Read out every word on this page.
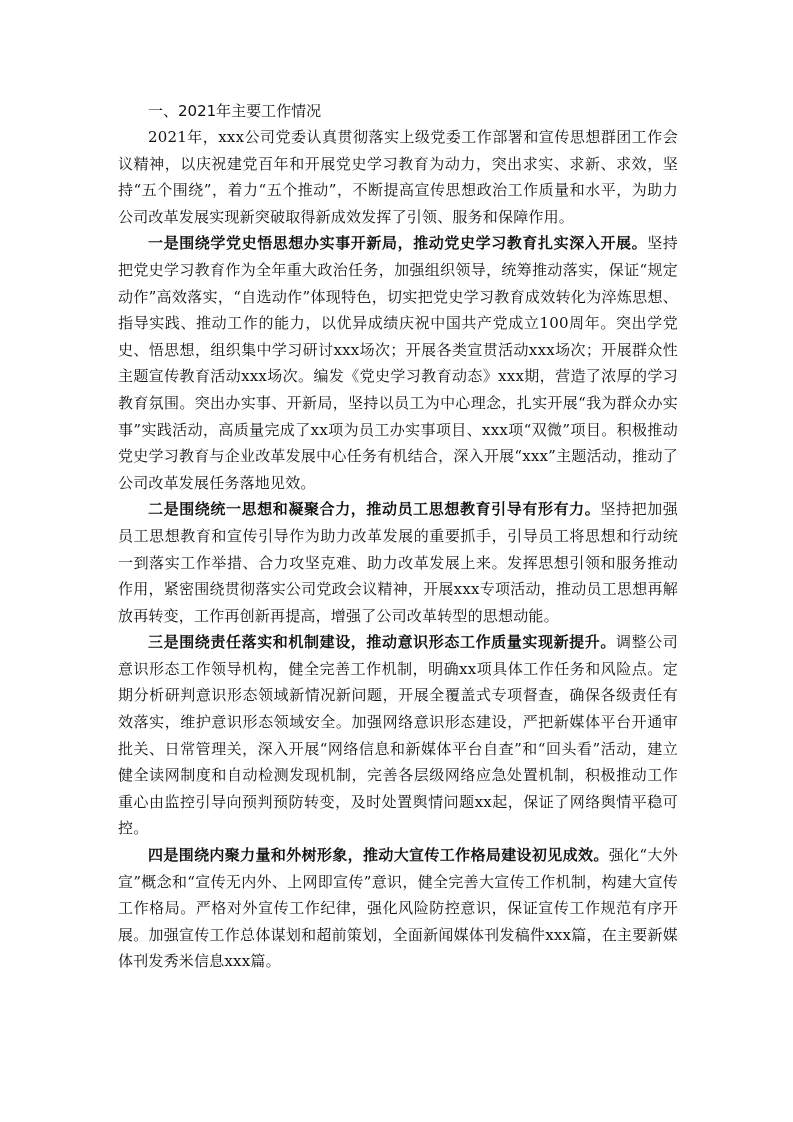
一、2021年主要工作情况

2021年，xxx公司党委认真贯彻落实上级党委工作部署和宣传思想群团工作会议精神，以庆祝建党百年和开展党史学习教育为动力，突出求实、求新、求效，坚持“五个围绕”，着力“五个推动”，不断提高宣传思想政治工作质量和水平，为助力公司改革发展实现新突破取得新成效发挥了引领、服务和保障作用。

一是围绕学党史悟思想办实事开新局，推动党史学习教育扎实深入开展。坚持把党史学习教育作为全年重大政治任务，加强组织领导，统筹推动落实，保证“规定动作”高效落实，“自选动作”体现特色，切实把党史学习教育成效转化为淬炼思想、指导实践、推动工作的能力，以优异成绩庆祝中国共产党成立100周年。突出学党史、悟思想，组织集中学习研讨xxx场次；开展各类宣贯活动xxx场次；开展群众性主题宣传教育活动xxx场次。编发《党史学习教育动态》xxx期，营造了浓厚的学习教育氛围。突出办实事、开新局，坚持以员工为中心理念，扎实开展“我为群众办实事”实践活动，高质量完成了xx项为员工办实事项目、xxx项“双微”项目。积极推动党史学习教育与企业改革发展中心任务有机结合，深入开展“xxx”主题活动，推动了公司改革发展任务落地见效。

二是围绕统一思想和凝聚合力，推动员工思想教育引导有形有力。坚持把加强员工思想教育和宣传引导作为助力改革发展的重要抓手，引导员工将思想和行动统一到落实工作举措、合力攻坚克难、助力改革发展上来。发挥思想引领和服务推动作用，紧密围绕贯彻落实公司党政会议精神，开展xxx专项活动，推动员工思想再解放再转变，工作再创新再提高，增强了公司改革转型的思想动能。

三是围绕责任落实和机制建设，推动意识形态工作质量实现新提升。调整公司意识形态工作领导机构，健全完善工作机制，明确xx项具体工作任务和风险点。定期分析研判意识形态领域新情况新问题，开展全覆盖式专项督查，确保各级责任有效落实，维护意识形态领域安全。加强网络意识形态建设，严把新媒体平台开通审批关、日常管理关，深入开展“网络信息和新媒体平台自查”和“回头看”活动，建立健全读网制度和自动检测发现机制，完善各层级网络应急处置机制，积极推动工作重心由监控引导向预判预防转变，及时处置舆情问题xx起，保证了网络舆情平稳可控。

四是围绕内聚力量和外树形象，推动大宣传工作格局建设初见成效。强化“大外宣”概念和“宣传无内外、上网即宣传”意识，健全完善大宣传工作机制，构建大宣传工作格局。严格对外宣传工作纪律，强化风险防控意识，保证宣传工作规范有序开展。加强宣传工作总体谋划和超前策划，全面新闻媒体刊发稿件xxx篇，在主要新媒体刊发秀米信息xxx篇。
